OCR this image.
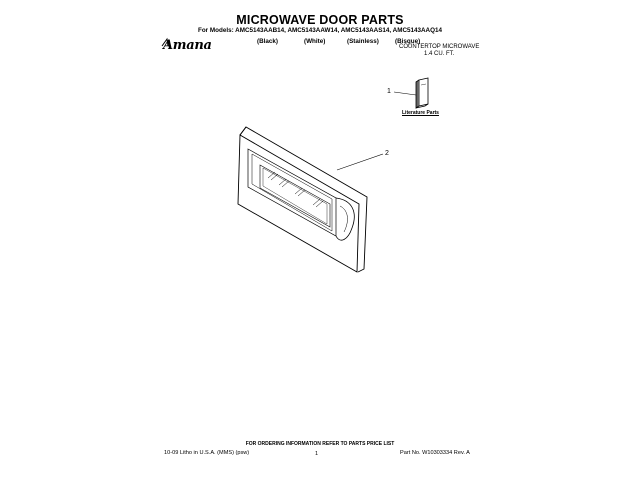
MICROWAVE DOOR PARTS
For Models: AMC5143AAB14, AMC5143AAW14, AMC5143AAS14, AMC5143AAQ14
(Black)	(White)	(Stainless)	(Bisque)
Amana	COUNTERTOP MICROWAVE
1.4 CU. FT.
1
2
Literature Parts
FOR ORDERING INFORMATION REFER TO PARTS PRICE LIST
10-09 Litho in U.S.A. (MMS) (psw)	1	Part No. W10303334 Rev. A
